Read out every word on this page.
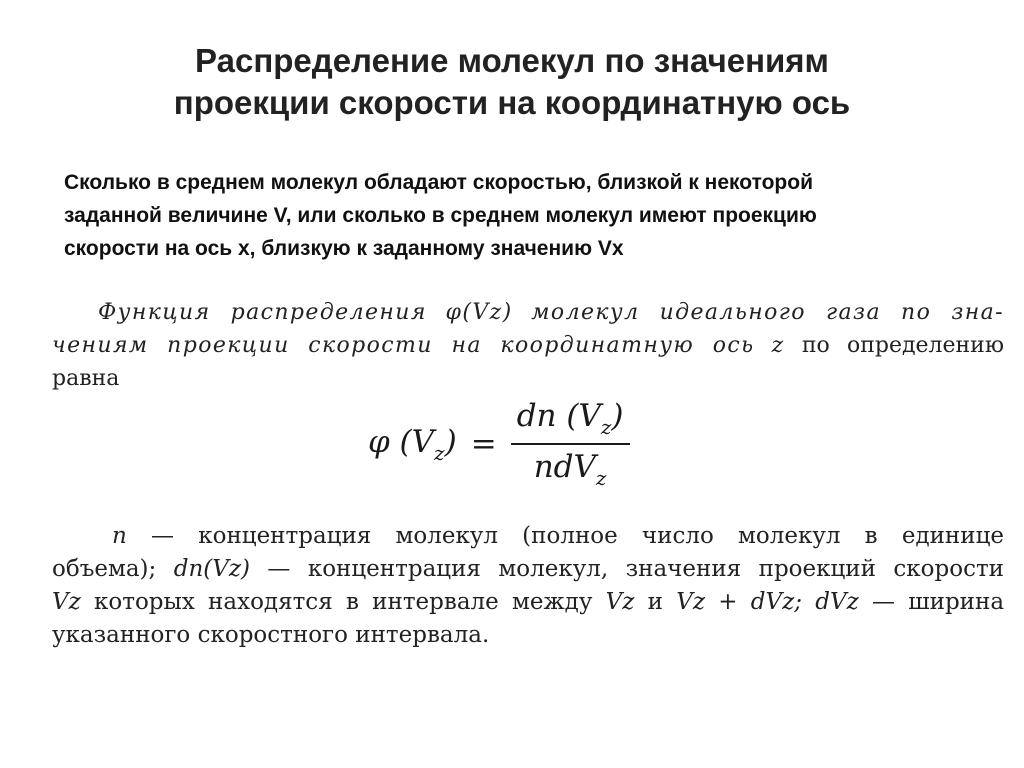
Распределение молекул по значениям
проекции скорости на координатную ось
Сколько в среднем молекул обладают скоростью, близкой к некоторой
заданной величине V, или сколько в среднем молекул имеют проекцию
скорости на ось x, близкую к заданному значению Vx
Функция распределения φ(Vz) молекул идеального газа по зна-
чениям проекции скорости на координатную ось z по определению
равна
φ $(V_z) = \frac{dn (V_z)}{ndV_z}$
n — концентрация молекул (полное число молекул в единице
объема); dn(Vz) — концентрация молекул, значения проекций скорости
Vz которых находятся в интервале между Vz и Vz + dVz; dVz — ширина
указанного скоростного интервала.
